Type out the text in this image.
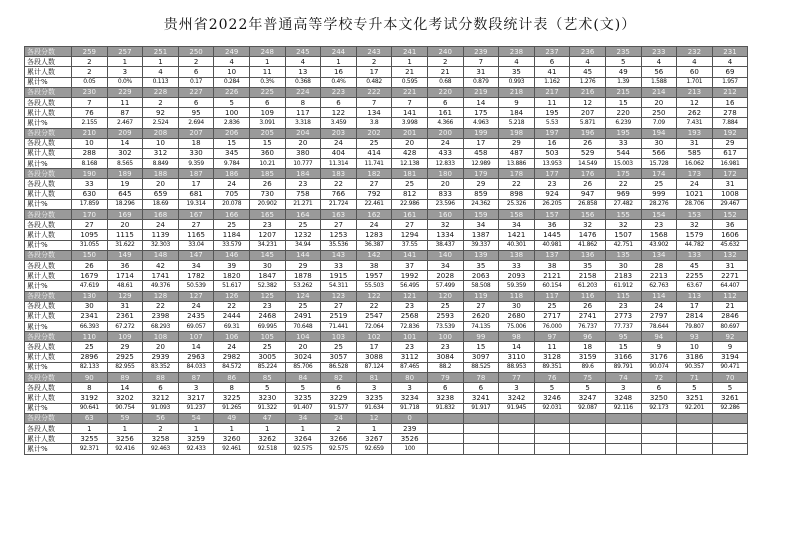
贵州省2022年普通高等学校专升本文化考试分数段统计表（艺术(文)）
各段分数	259	257	251	250	249	248	245	244	243	241	240	239	238	237	236	235	233	232	231
各段人数	2	1	1	2	4	1	4	1	2	1	2	7	4	6	4	5	4	4	4
累计人数	2	3	4	6	10	11	13	16	17	21	21	31	35	41	45	49	56	60	69
累计%	0.05	0.0%	0.113	0.17	0.284	0.3%	0.368	0.4%	0.482	0.595	0.68	0.879	0.993	1.162	1.276	1.39	1.588	1.701	1.957
各段分数	230	229	228	227	226	225	224	223	222	221	220	219	218	217	216	215	214	213	212
各段人数	7	11	2	6	5	6	8	6	7	7	6	14	9	11	12	15	20	12	16
累计人数	76	87	92	95	100	109	117	122	134	141	161	175	184	195	207	220	250	262	278
累计%	2.155	2.467	2.524	2.694	2.836	3.091	3.318	3.459	3.8	3.998	4.366	4.963	5.218	5.53	5.871	6.239	7.09	7.431	7.884
各段分数	210	209	208	207	206	205	204	203	202	201	200	199	198	197	196	195	194	193	192
各段人数	10	14	10	18	15	15	20	24	25	20	24	17	29	16	26	33	30	31	29
累计人数	288	302	312	330	345	360	380	404	414	428	433	458	487	503	529	544	566	585	617
累计%	8.168	8.565	8.849	9.359	9.784	10.21	10.777	11.314	11.741	12.138	12.833	12.989	13.886	13.953	14.549	15.003	15.728	16.062	16.981
各段分数	190	189	188	187	186	185	184	183	182	181	180	179	178	177	176	175	174	173	172
各段人数	33	19	20	17	24	26	23	22	27	25	20	29	22	23	26	22	25	24	31
累计人数	630	645	659	681	705	730	758	766	792	812	833	859	898	924	947	969	999	1021	1008
累计%	17.859	18.296	18.69	19.314	20.078	20.902	21.271	21.724	22.461	22.986	23.596	24.362	25.326	26.205	26.858	27.482	28.276	28.706	29.467
各段分数	170	169	168	167	166	165	164	163	162	161	160	159	158	157	156	155	154	153	152
各段人数	27	20	24	27	25	23	25	27	24	27	32	34	34	36	32	32	23	32	36
累计人数	1095	1115	1139	1165	1184	1207	1232	1253	1283	1294	1334	1387	1421	1445	1476	1507	1568	1579	1606
累计%	31.055	31.622	32.303	33.04	33.579	34.231	34.94	35.536	36.387	37.55	38.437	39.337	40.301	40.981	41.862	42.751	43.902	44.782	45.632
各段分数	150	149	148	147	146	145	144	143	142	141	140	139	138	137	136	135	134	133	132
各段人数	26	36	42	34	39	30	29	33	38	37	34	35	33	38	35	30	28	45	31
累计人数	1679	1714	1741	1782	1820	1847	1878	1915	1957	1992	2028	2063	2093	2121	2158	2183	2213	2255	2271
累计%	47.619	48.61	49.376	50.539	51.617	52.382	53.262	54.311	55.503	56.495	57.499	58.508	59.359	60.154	61.203	61.912	62.763	63.67	64.407
各段分数	130	129	128	127	126	125	124	123	122	121	120	119	118	117	116	115	114	113	112
各段人数	30	31	22	24	22	23	25	27	22	23	25	27	30	25	26	23	24	17	21
累计人数	2341	2361	2398	2435	2444	2468	2491	2519	2547	2568	2593	2620	2680	2717	2741	2773	2797	2814	2846
累计%	66.393	67.272	68.293	69.057	69.31	69.995	70.648	71.441	72.064	72.836	73.539	74.135	75.006	76.000	76.737	77.737	78.644	79.807	80.697
各段分数	110	109	108	107	106	105	104	103	102	101	100	99	98	97	96	95	94	93	92
各段人数	25	29	20	14	24	25	20	25	17	23	23	15	14	11	18	15	9	10	9
累计人数	2896	2925	2939	2963	2982	3005	3024	3057	3088	3112	3084	3097	3110	3128	3159	3166	3176	3186	3194
累计%	82.133	82.955	83.352	84.033	84.572	85.224	85.706	86.528	87.124	87.465	88.2	88.525	88.953	89.351	89.6	89.791	90.074	90.357	90.471
各段分数	90	89	88	87	86	85	84	82	81	80	79	78	77	76	75	74	72	71	70
各段人数	8	14	6	3	8	5	5	6	3	3	6	6	3	5	5	3	6	5	5
累计人数	3192	3202	3212	3217	3225	3230	3235	3229	3235	3234	3238	3241	3242	3246	3247	3248	3250	3251	3261
累计%	90.641	90.754	91.093	91.237	91.265	91.322	91.407	91.577	91.634	91.718	91.832	91.917	91.945	92.031	92.087	92.116	92.173	92.201	92.286
各段分数	63	59	56	54	49	47	34	24	12	0									
各段人数	1	1	2	1	1	1	1	2	1	239									
累计人数	3255	3256	3258	3259	3260	3262	3264	3266	3267	3526									
累计%	92.371	92.416	92.463	92.433	92.461	92.518	92.575	92.575	92.659	100									
